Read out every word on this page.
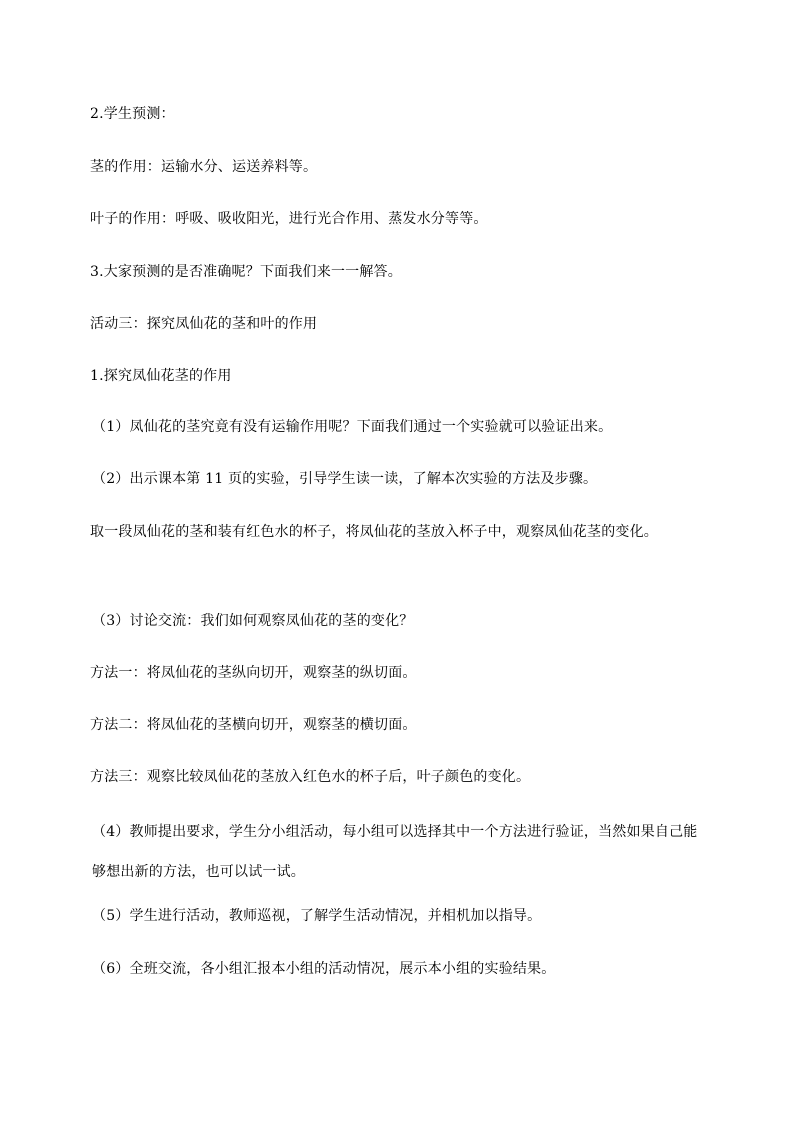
2.学生预测：

茎的作用：运输水分、运送养料等。

叶子的作用：呼吸、吸收阳光，进行光合作用、蒸发水分等等。

3.大家预测的是否准确呢？下面我们来一一解答。

活动三：探究凤仙花的茎和叶的作用

1.探究凤仙花茎的作用

（1）凤仙花的茎究竟有没有运输作用呢？下面我们通过一个实验就可以验证出来。

（2）出示课本第 11 页的实验，引导学生读一读，了解本次实验的方法及步骤。

取一段凤仙花的茎和装有红色水的杯子，将凤仙花的茎放入杯子中，观察凤仙花茎的变化。

（3）讨论交流：我们如何观察凤仙花的茎的变化？

方法一：将凤仙花的茎纵向切开，观察茎的纵切面。

方法二：将凤仙花的茎横向切开，观察茎的横切面。

方法三：观察比较凤仙花的茎放入红色水的杯子后，叶子颜色的变化。

（4）教师提出要求，学生分小组活动，每小组可以选择其中一个方法进行验证，当然如果自己能够想出新的方法，也可以试一试。

（5）学生进行活动，教师巡视，了解学生活动情况，并相机加以指导。

（6）全班交流，各小组汇报本小组的活动情况，展示本小组的实验结果。
